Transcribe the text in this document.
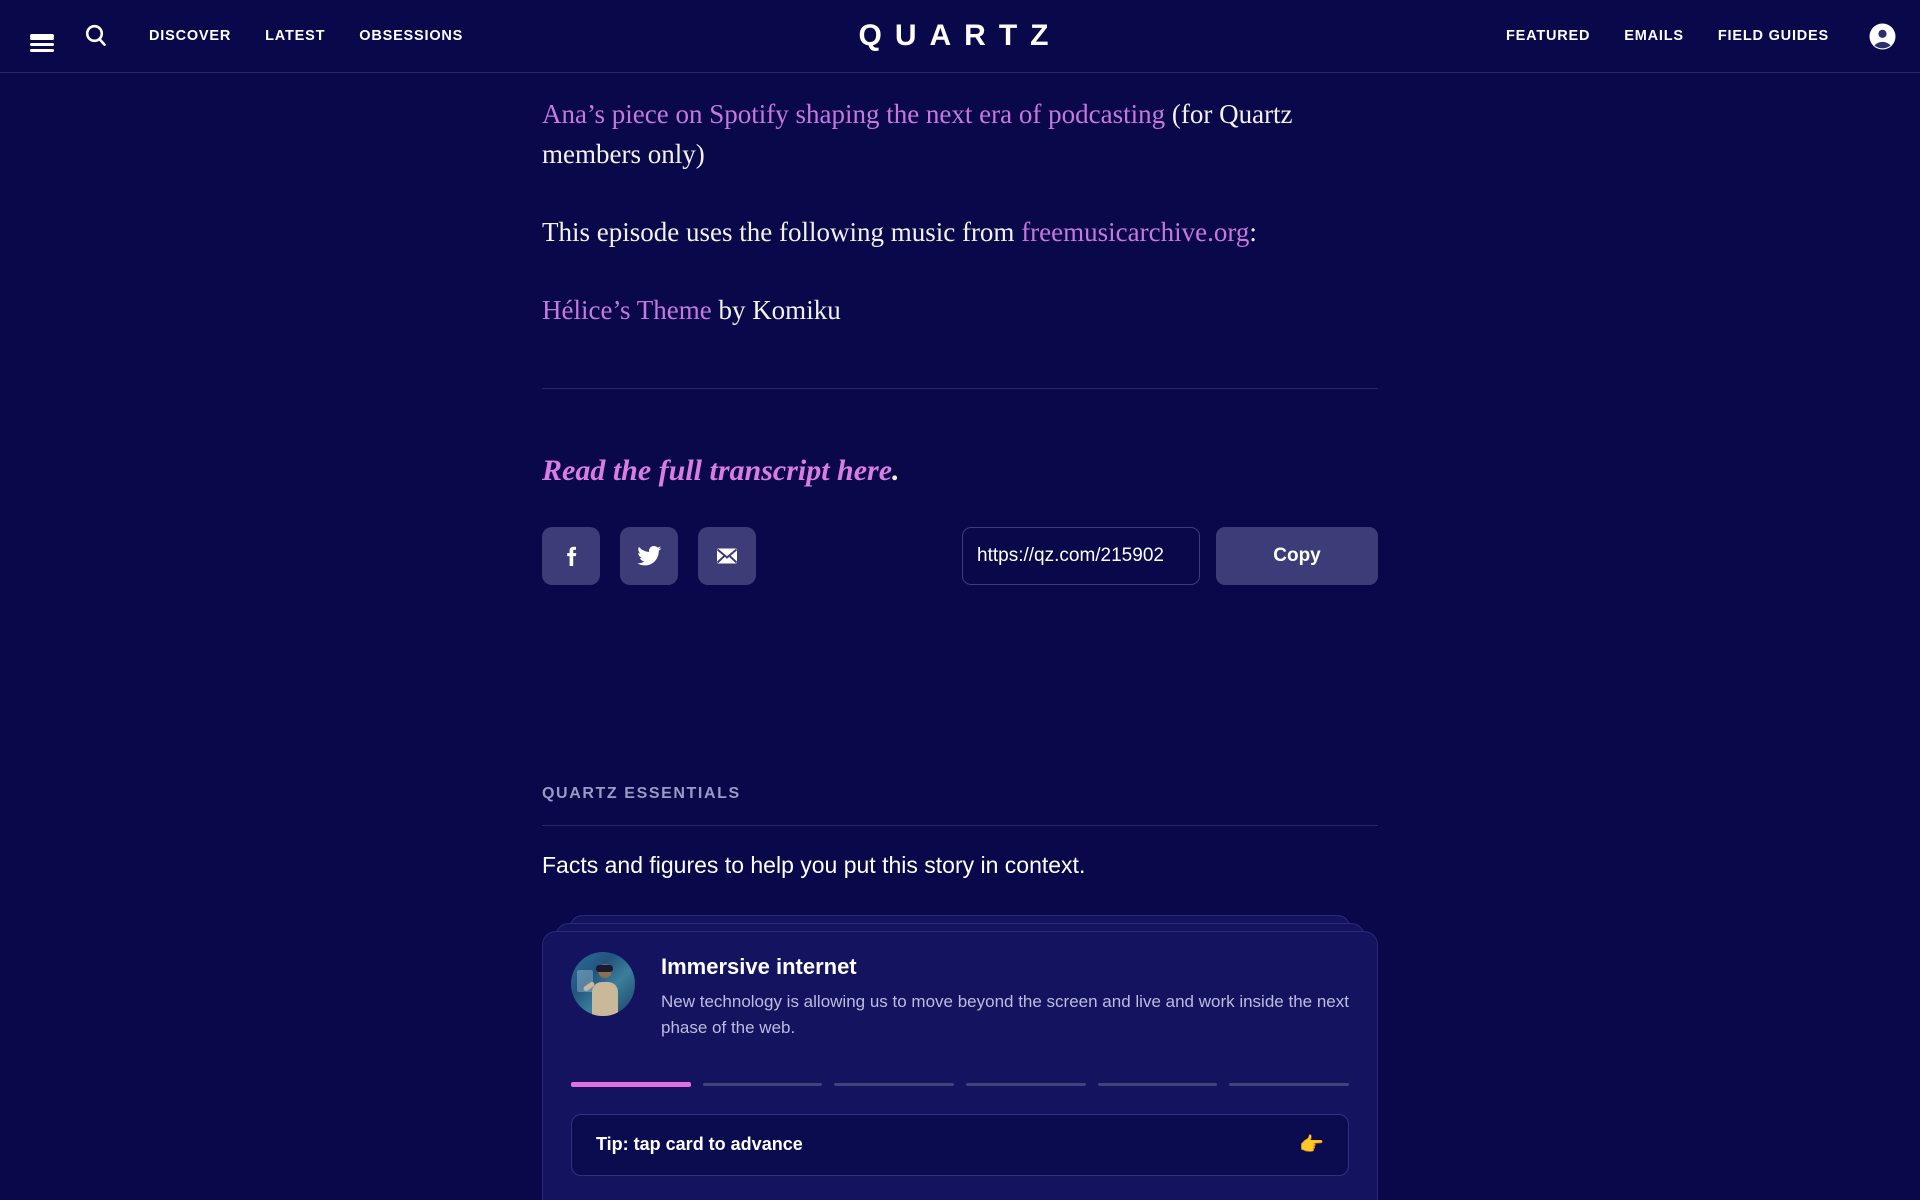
DISCOVER LATEST OBSESSIONS	QUARTZ	FEATURED EMAILS FIELD GUIDES

Ana’s piece on Spotify shaping the next era of podcasting (for Quartz
members only)

This episode uses the following music from freemusicarchive.org:

Hélice’s Theme by Komiku

Read the full transcript here.

https://qz.com/215902
Copy
QUARTZ ESSENTIALS

Facts and figures to help you put this story in context.

Immersive internet
New technology is allowing us to move beyond the screen and live and work inside the next phase of the web.
Tip: tap card to advance	👉
